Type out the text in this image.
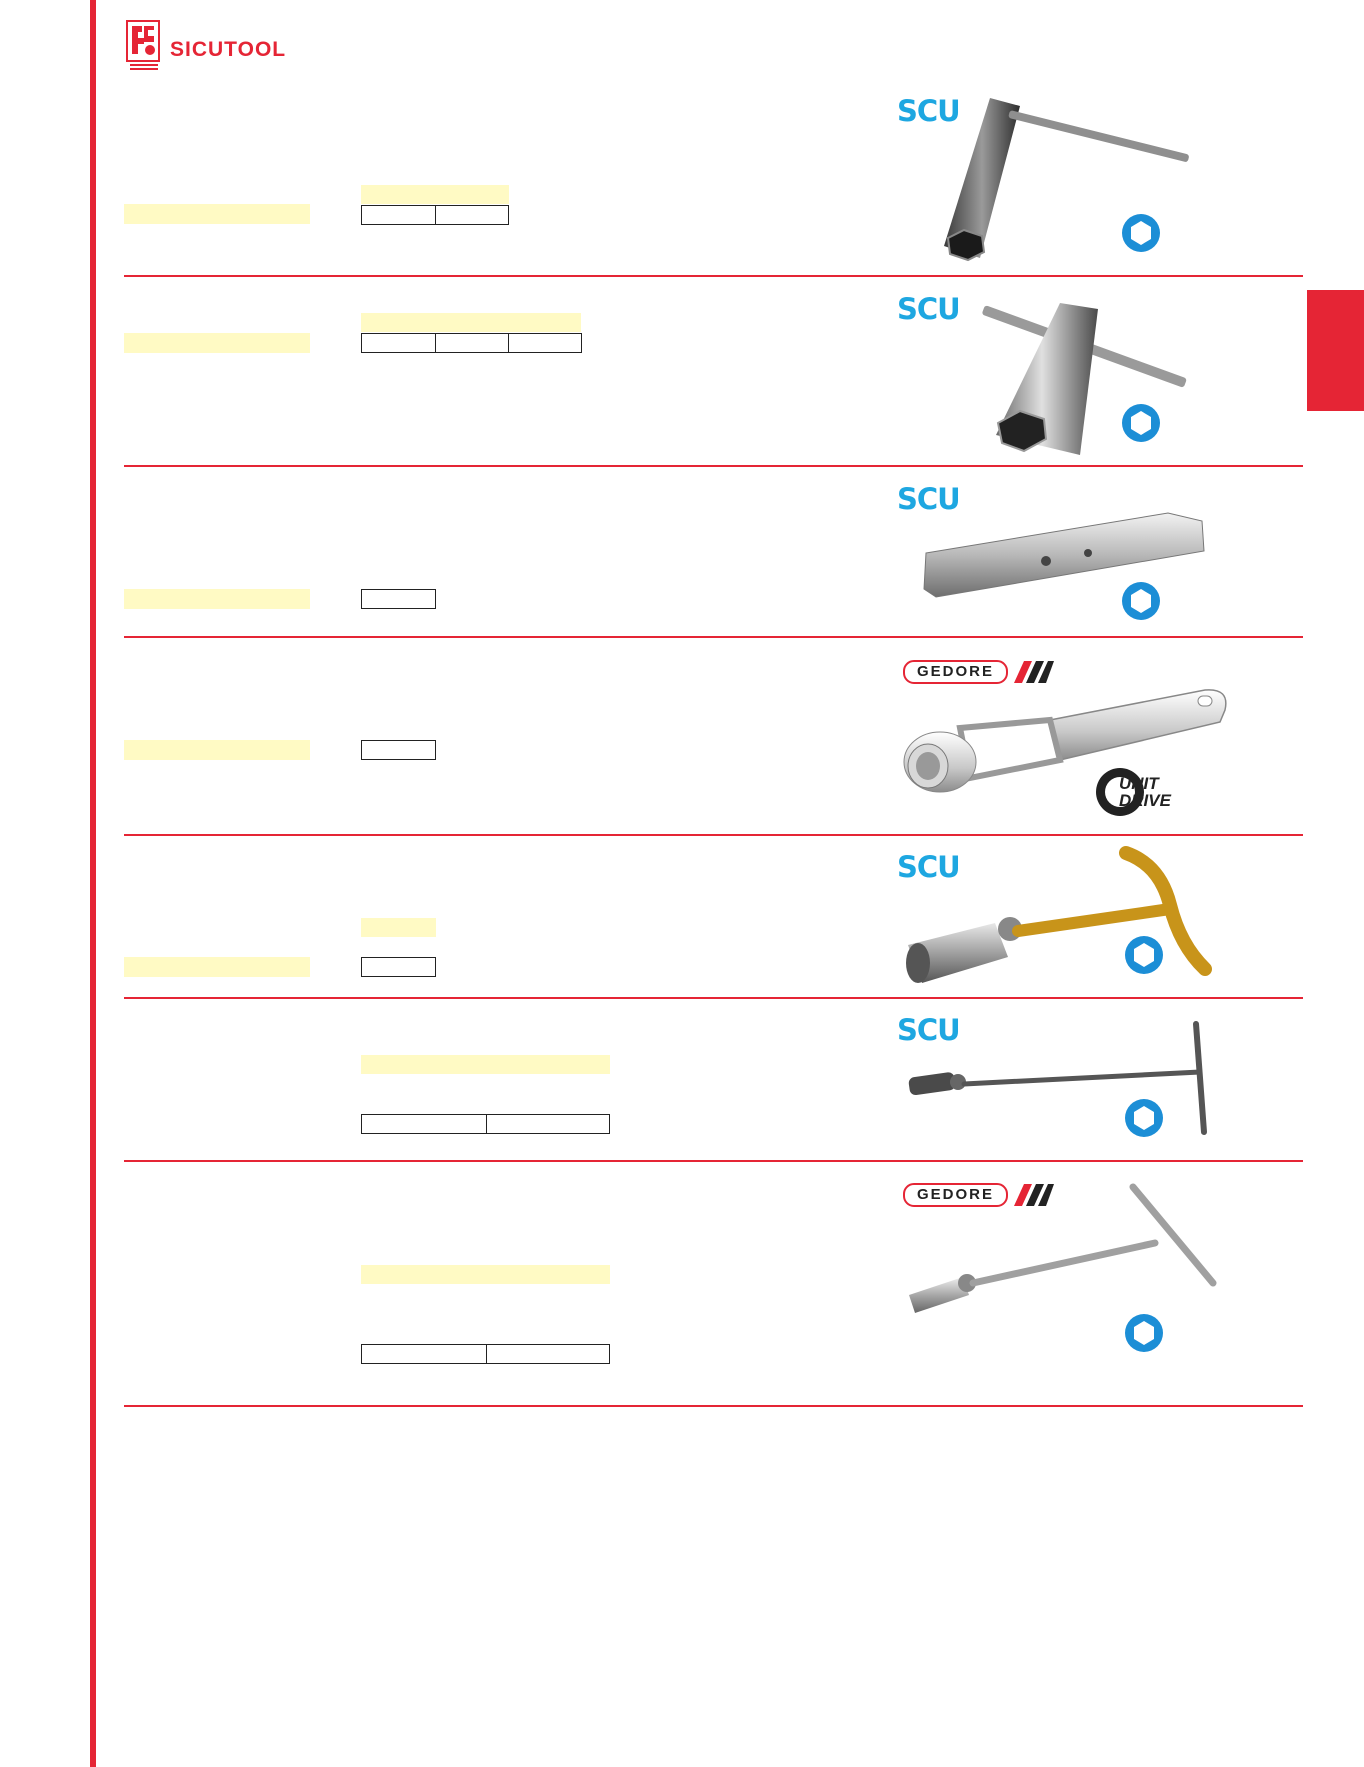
SICUTOOL
SCU
SCU
SCU
GEDORE
UNIT
DRIVE
SCU
SCU
GEDORE
